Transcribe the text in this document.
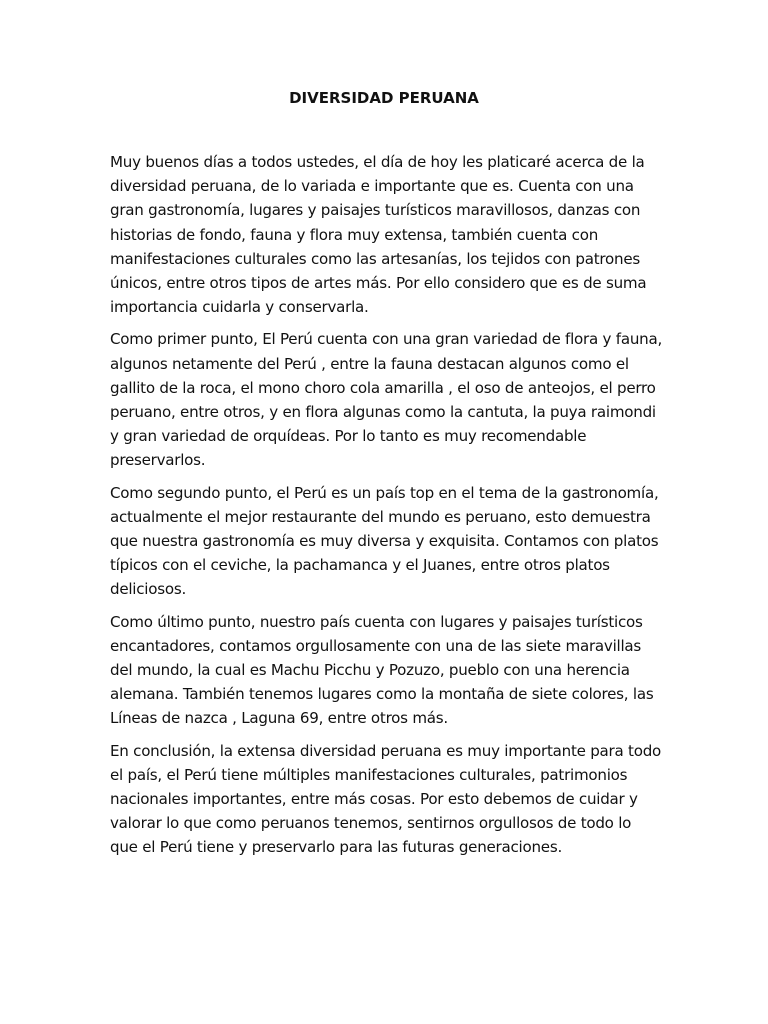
DIVERSIDAD PERUANA

Muy buenos días a todos ustedes, el día de hoy les platicaré acerca de la diversidad peruana, de lo variada e importante que es. Cuenta con una gran gastronomía, lugares y paisajes turísticos maravillosos, danzas con historias de fondo, fauna y flora muy extensa, también cuenta con manifestaciones culturales como las artesanías, los tejidos con patrones únicos, entre otros tipos de artes más. Por ello considero que es de suma importancia cuidarla y conservarla.

Como primer punto, El Perú cuenta con una gran variedad de flora y fauna, algunos netamente del Perú , entre la fauna destacan algunos como el gallito de la roca, el mono choro cola amarilla , el oso de anteojos, el perro peruano, entre otros, y en flora algunas como la cantuta, la puya raimondi y gran variedad de orquídeas. Por lo tanto es muy recomendable preservarlos.

Como segundo punto, el Perú es un país top en el tema de la gastronomía, actualmente el mejor restaurante del mundo es peruano, esto demuestra que nuestra gastronomía es muy diversa y exquisita. Contamos con platos típicos con el ceviche, la pachamanca y el Juanes, entre otros platos deliciosos.

Como último punto, nuestro país cuenta con lugares y paisajes turísticos encantadores, contamos orgullosamente con una de las siete maravillas del mundo, la cual es Machu Picchu y Pozuzo, pueblo con una herencia alemana. También tenemos lugares como la montaña de siete colores, las Líneas de nazca , Laguna 69, entre otros más.

En conclusión, la extensa diversidad peruana es muy importante para todo el país, el Perú tiene múltiples manifestaciones culturales, patrimonios nacionales importantes, entre más cosas. Por esto debemos de cuidar y valorar lo que como peruanos tenemos, sentirnos orgullosos de todo lo que el Perú tiene y preservarlo para las futuras generaciones.
